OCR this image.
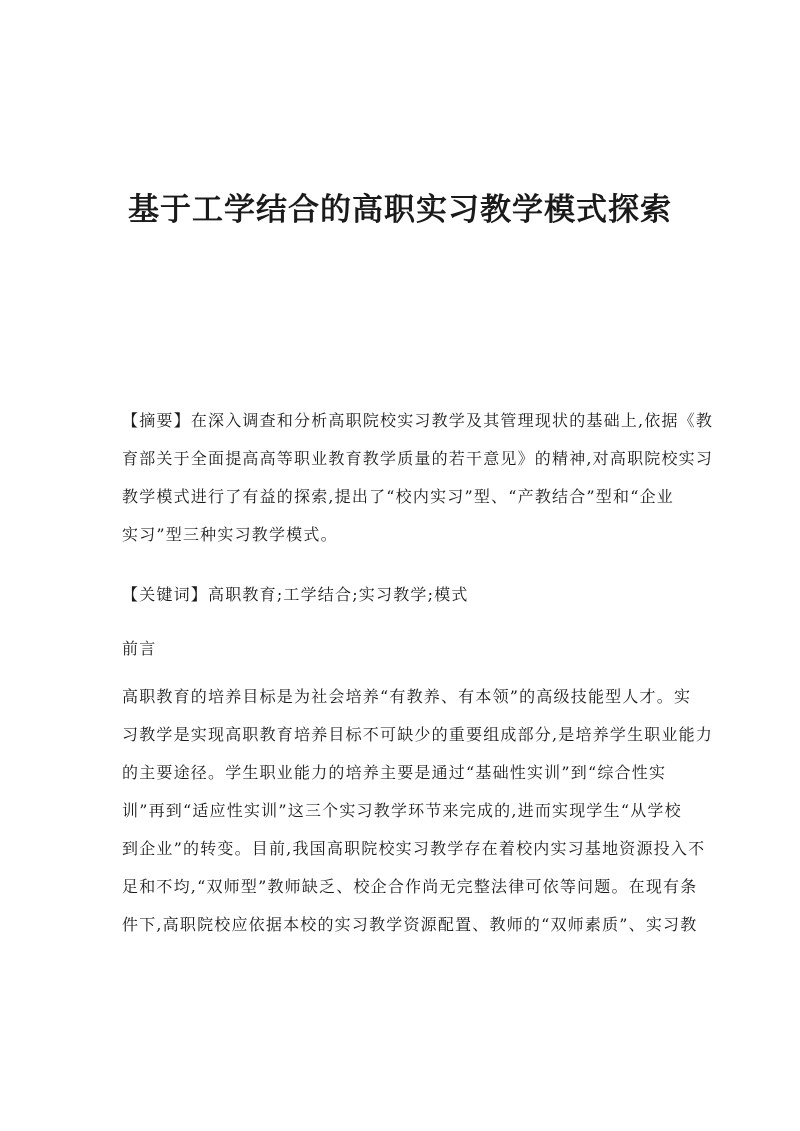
基于工学结合的高职实习教学模式探索
【摘要】在深入调查和分析高职院校实习教学及其管理现状的基础上,依据《教
育部关于全面提高高等职业教育教学质量的若干意见》的精神,对高职院校实习
教学模式进行了有益的探索,提出了“校内实习”型、“产教结合”型和“企业
实习”型三种实习教学模式。
【关键词】高职教育;工学结合;实习教学;模式
前言
高职教育的培养目标是为社会培养“有教养、有本领”的高级技能型人才。实
习教学是实现高职教育培养目标不可缺少的重要组成部分,是培养学生职业能力
的主要途径。学生职业能力的培养主要是通过“基础性实训”到“综合性实
训”再到“适应性实训”这三个实习教学环节来完成的,进而实现学生“从学校
到企业”的转变。目前,我国高职院校实习教学存在着校内实习基地资源投入不
足和不均,“双师型”教师缺乏、校企合作尚无完整法律可依等问题。在现有条
件下,高职院校应依据本校的实习教学资源配置、教师的“双师素质”、实习教
